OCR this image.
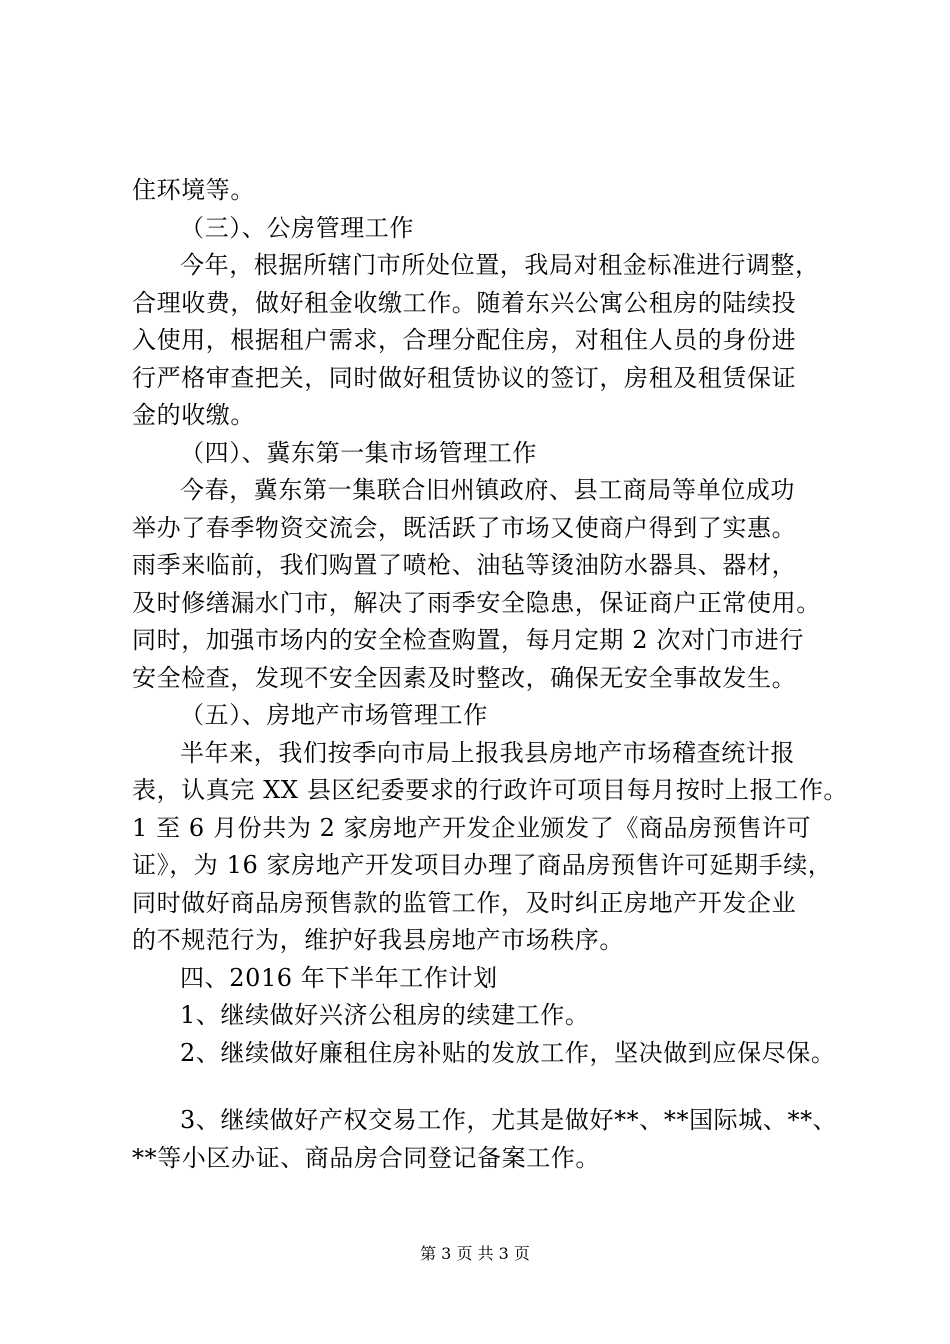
住环境等。
（三）、公房管理工作
今年，根据所辖门市所处位置，我局对租金标准进行调整，
合理收费，做好租金收缴工作。随着东兴公寓公租房的陆续投
入使用，根据租户需求，合理分配住房，对租住人员的身份进
行严格审查把关，同时做好租赁协议的签订，房租及租赁保证
金的收缴。
（四）、冀东第一集市场管理工作
今春，冀东第一集联合旧州镇政府、县工商局等单位成功
举办了春季物资交流会，既活跃了市场又使商户得到了实惠。
雨季来临前，我们购置了喷枪、油毡等烫油防水器具、器材，
及时修缮漏水门市，解决了雨季安全隐患，保证商户正常使用。
同时，加强市场内的安全检查购置，每月定期 2 次对门市进行
安全检查，发现不安全因素及时整改，确保无安全事故发生。
（五）、房地产市场管理工作
半年来，我们按季向市局上报我县房地产市场稽查统计报
表，认真完 XX 县区纪委要求的行政许可项目每月按时上报工作。
1 至 6 月份共为 2 家房地产开发企业颁发了《商品房预售许可
证》，为 16 家房地产开发项目办理了商品房预售许可延期手续，
同时做好商品房预售款的监管工作，及时纠正房地产开发企业
的不规范行为，维护好我县房地产市场秩序。
四、2016 年下半年工作计划
1、继续做好兴济公租房的续建工作。
2、继续做好廉租住房补贴的发放工作，坚决做到应保尽保。
3、继续做好产权交易工作，尤其是做好**、**国际城、**、
**等小区办证、商品房合同登记备案工作。
第 3 页 共 3 页
